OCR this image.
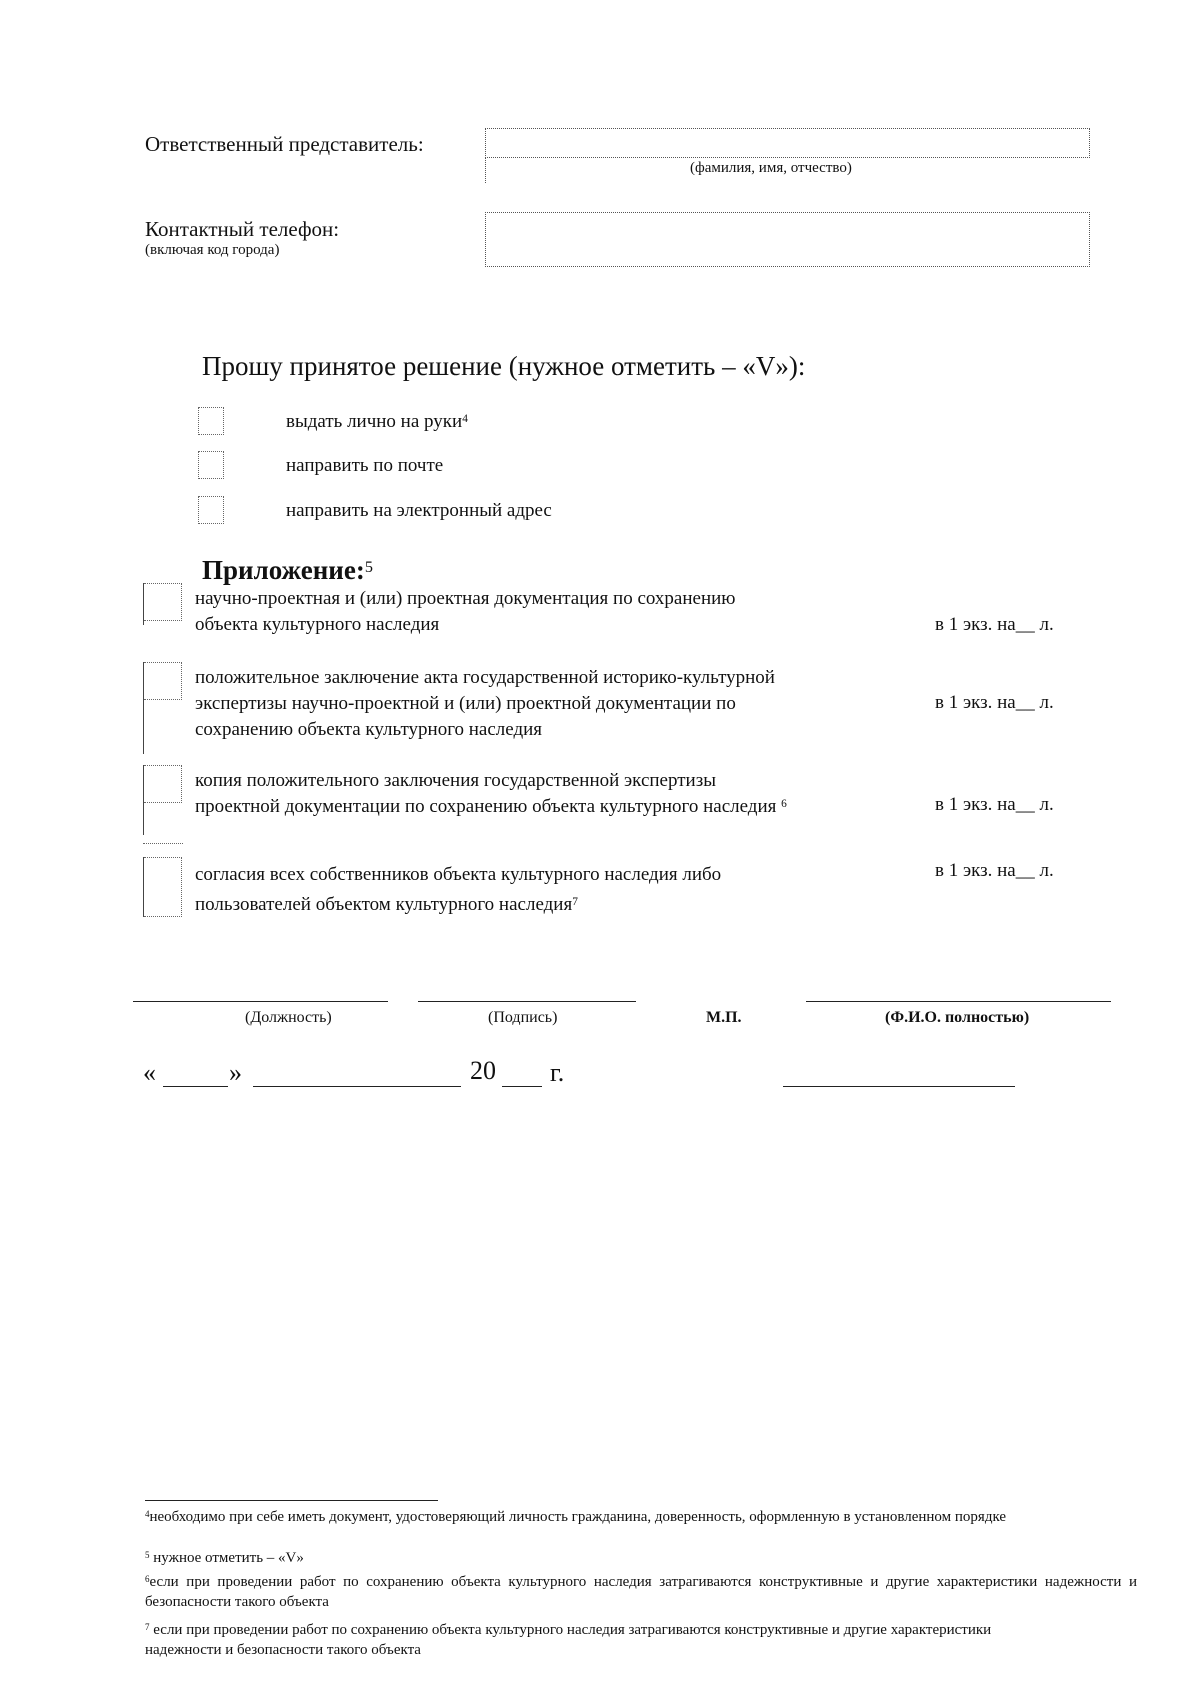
Ответственный представитель:
(фамилия, имя, отчество)
Контактный телефон:
(включая код города)
Прошу принятое решение (нужное отметить – «V»):
выдать лично на руки$^4$
направить по почте
направить на электронный адрес
Приложение:$^5$
научно-проектная и (или) проектная документация по сохранению
объекта культурного наследия	в 1 экз. на__ л.
положительное заключение акта государственной историко-культурной
экспертизы научно-проектной и (или) проектной документации по
сохранению объекта культурного наследия
в 1 экз. на__ л.
копия положительного заключения государственной экспертизы
проектной документации по сохранению объекта культурного наследия $^6$	в 1 экз. на__ л.
согласия всех собственников объекта культурного наследия либо
пользователей объектом культурного наследия$^7$
в 1 экз. на__ л.
(Должность)	(Подпись)	М.П.	(Ф.И.О. полностью)
«	»	20 г.
$^4$необходимо при себе иметь документ, удостоверяющий личность гражданина, доверенность, оформленную в установленном порядке
$^5$ нужное отметить – «V»
$^6$если при проведении работ по сохранению объекта культурного наследия затрагиваются конструктивные и другие характеристики надежности и безопасности такого объекта
$^7$ если при проведении работ по сохранению объекта культурного наследия затрагиваются конструктивные и другие характеристики надежности и безопасности такого объекта
